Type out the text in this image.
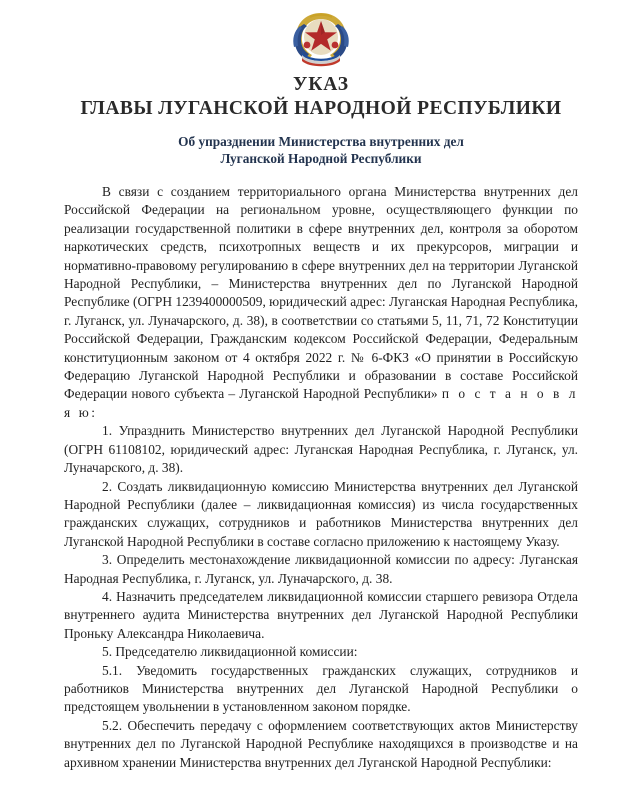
УКАЗ
ГЛАВЫ ЛУГАНСКОЙ НАРОДНОЙ РЕСПУБЛИКИ
Об упразднении Министерства внутренних дел
Луганской Народной Республики

В связи с созданием территориального органа Министерства внутренних дел Российской Федерации на региональном уровне, осуществляющего функции по реализации государственной политики в сфере внутренних дел, контроля за оборотом наркотических средств, психотропных веществ и их прекурсоров, миграции и нормативно-правовому регулированию в сфере внутренних дел на территории Луганской Народной Республики, – Министерства внутренних дел по Луганской Народной Республике (ОГРН 1239400000509, юридический адрес: Луганская Народная Республика, г. Луганск, ул. Луначарского, д. 38), в соответствии со статьями 5, 11, 71, 72 Конституции Российской Федерации, Гражданским кодексом Российской Федерации, Федеральным конституционным законом от 4 октября 2022 г. № 6-ФКЗ «О принятии в Российскую Федерацию Луганской Народной Республики и образовании в составе Российской Федерации нового субъекта – Луганской Народной Республики» п о с т а н о в л я ю:

1. Упразднить Министерство внутренних дел Луганской Народной Республики (ОГРН 61108102, юридический адрес: Луганская Народная Республика, г. Луганск, ул. Луначарского, д. 38).

2. Создать ликвидационную комиссию Министерства внутренних дел Луганской Народной Республики (далее – ликвидационная комиссия) из числа государственных гражданских служащих, сотрудников и работников Министерства внутренних дел Луганской Народной Республики в составе согласно приложению к настоящему Указу.

3. Определить местонахождение ликвидационной комиссии по адресу: Луганская Народная Республика, г. Луганск, ул. Луначарского, д. 38.

4. Назначить председателем ликвидационной комиссии старшего ревизора Отдела внутреннего аудита Министерства внутренних дел Луганской Народной Республики Проньку Александра Николаевича.

5. Председателю ликвидационной комиссии:

5.1. Уведомить государственных гражданских служащих, сотрудников и работников Министерства внутренних дел Луганской Народной Республики о предстоящем увольнении в установленном законом порядке.

5.2. Обеспечить передачу с оформлением соответствующих актов Министерству внутренних дел по Луганской Народной Республике находящихся в производстве и на архивном хранении Министерства внутренних дел Луганской Народной Республики:
